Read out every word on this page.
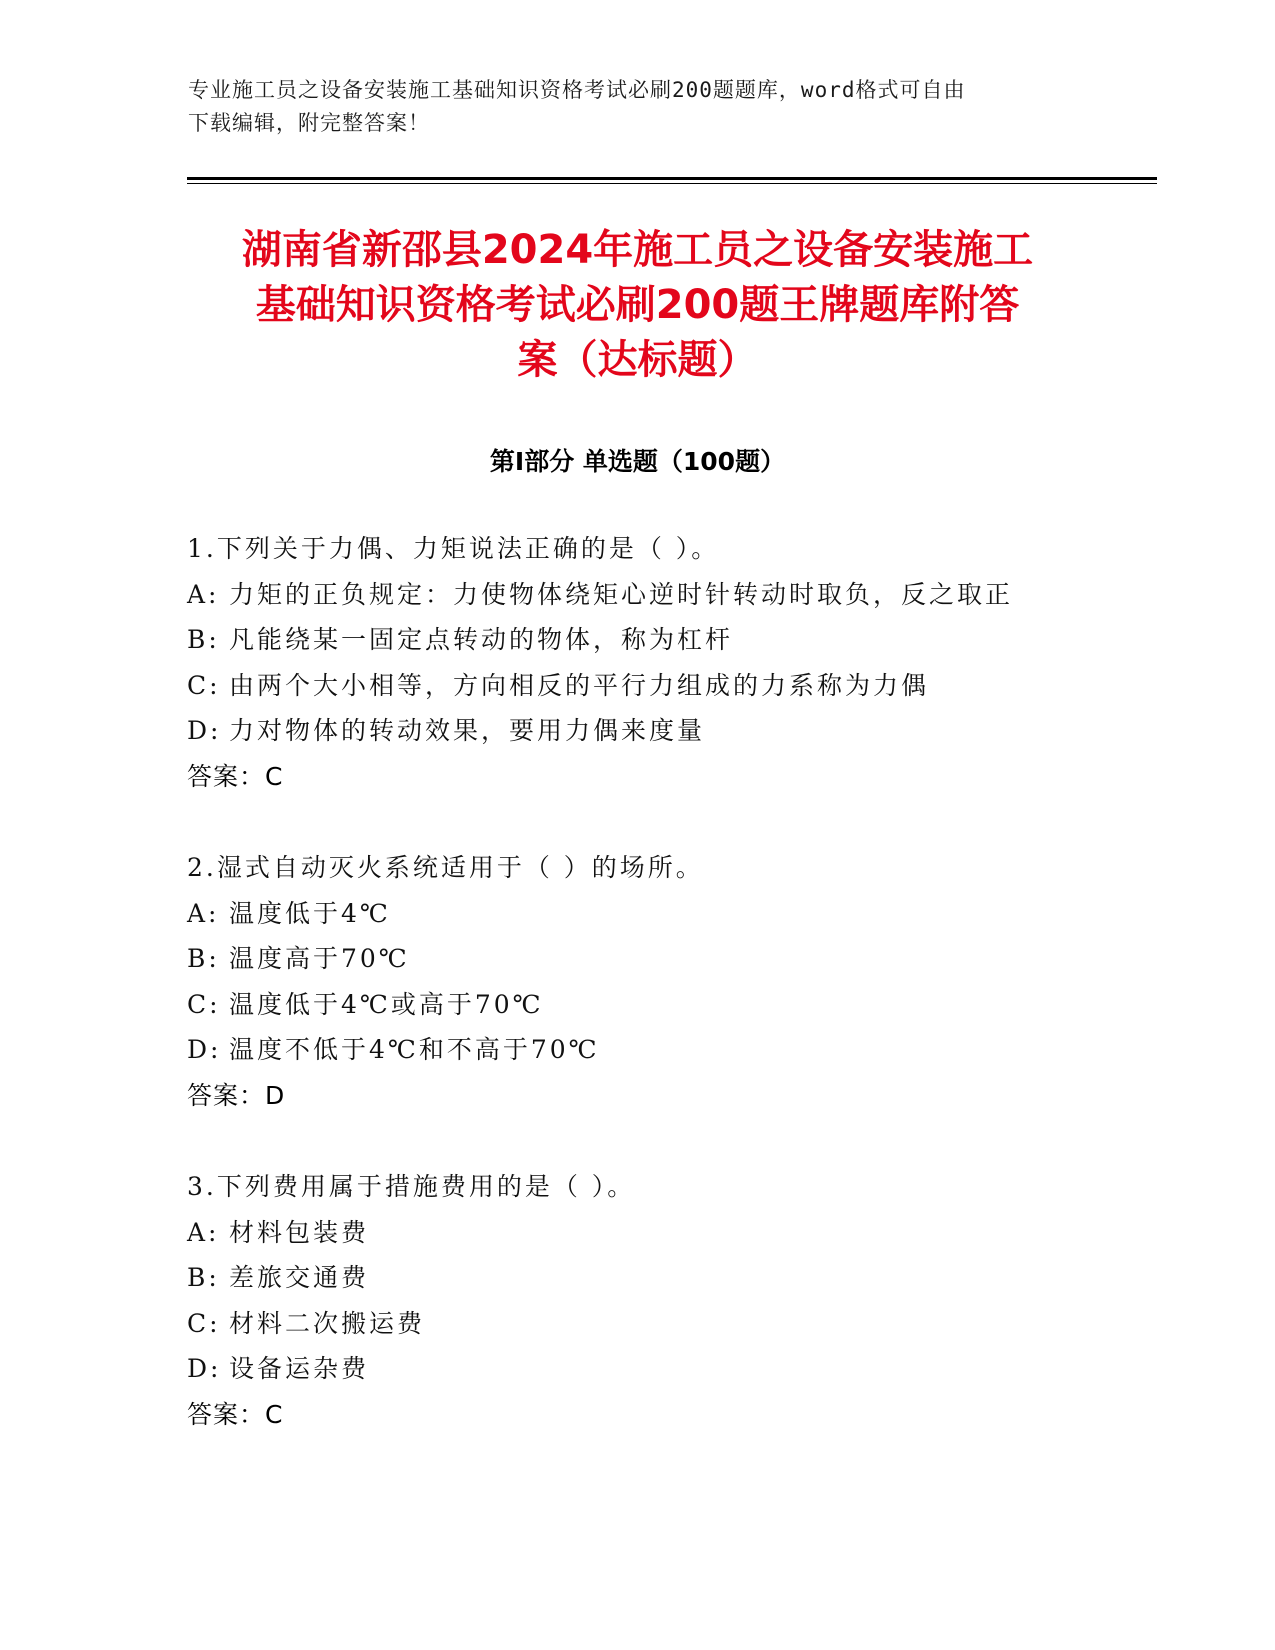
专业施工员之设备安装施工基础知识资格考试必刷200题题库，word格式可自由
下载编辑，附完整答案！
湖南省新邵县2024年施工员之设备安装施工
基础知识资格考试必刷200题王牌题库附答
案（达标题）
第Ⅰ部分 单选题（100题）
1.下列关于力偶、力矩说法正确的是（ ）。
A: 力矩的正负规定：力使物体绕矩心逆时针转动时取负，反之取正
B: 凡能绕某一固定点转动的物体，称为杠杆
C: 由两个大小相等，方向相反的平行力组成的力系称为力偶
D: 力对物体的转动效果，要用力偶来度量
答案：C
2.湿式自动灭火系统适用于（ ）的场所。
A: 温度低于4℃
B: 温度高于70℃
C: 温度低于4℃或高于70℃
D: 温度不低于4℃和不高于70℃
答案：D
3.下列费用属于措施费用的是（ ）。
A: 材料包装费
B: 差旅交通费
C: 材料二次搬运费
D: 设备运杂费
答案：C
